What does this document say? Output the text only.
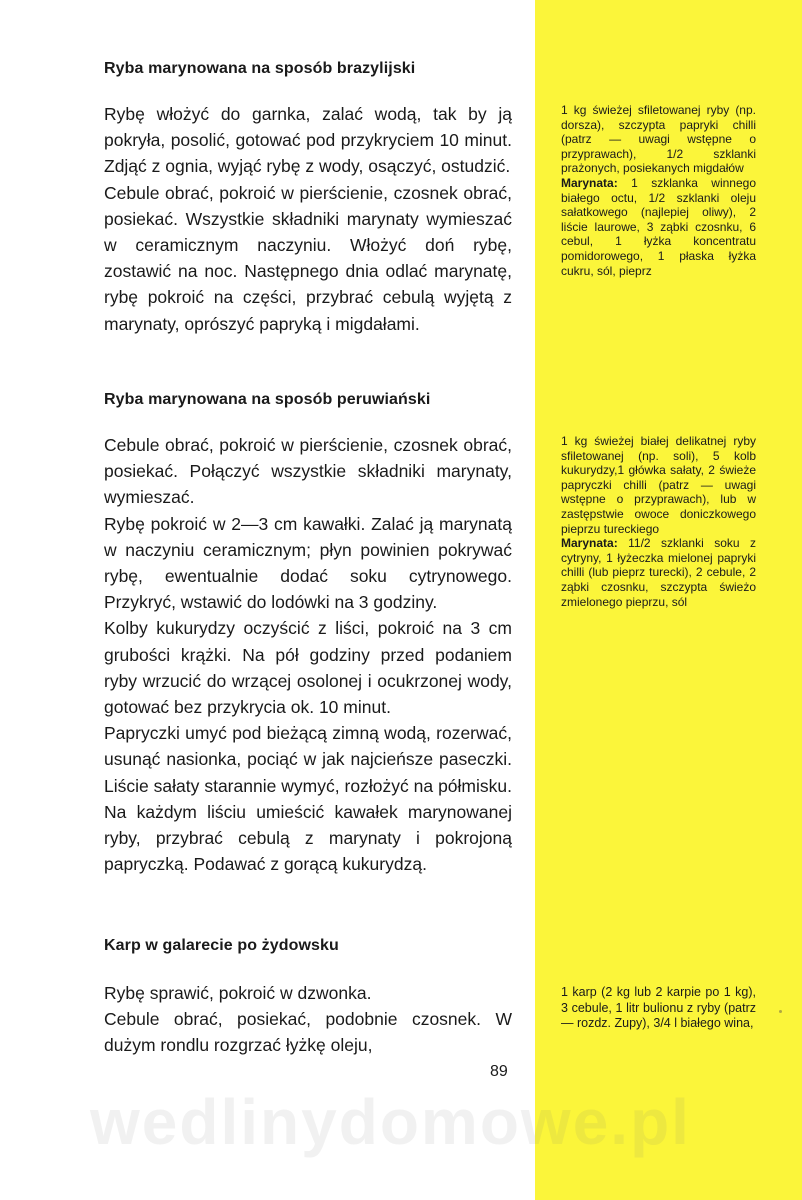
Ryba marynowana na sposób brazylijski

Rybę włożyć do garnka, zalać wodą, tak by ją pokryła, posolić, gotować pod przykryciem 10 minut. Zdjąć z ognia, wyjąć rybę z wody, osączyć, ostudzić.

Cebule obrać, pokroić w pierścienie, czosnek obrać, posiekać. Wszystkie składniki marynaty wymieszać w ceramicznym naczyniu. Włożyć doń rybę, zostawić na noc. Następnego dnia odlać marynatę, rybę pokroić na części, przybrać cebulą wyjętą z marynaty, oprószyć papryką i migdałami.

Ryba marynowana na sposób peruwiański

Cebule obrać, pokroić w pierścienie, czosnek obrać, posiekać. Połączyć wszystkie składniki marynaty, wymieszać.

Rybę pokroić w 2—3 cm kawałki. Zalać ją marynatą w naczyniu ceramicznym; płyn powinien pokrywać rybę, ewentualnie dodać soku cytrynowego. Przykryć, wstawić do lodówki na 3 godziny.

Kolby kukurydzy oczyścić z liści, pokroić na 3 cm grubości krążki. Na pół godziny przed podaniem ryby wrzucić do wrzącej osolonej i ocukrzonej wody, gotować bez przykrycia ok. 10 minut.

Papryczki umyć pod bieżącą zimną wodą, rozerwać, usunąć nasionka, pociąć w jak najcieńsze paseczki. Liście sałaty starannie wymyć, rozłożyć na półmisku. Na każdym liściu umieścić kawałek marynowanej ryby, przybrać cebulą z marynaty i pokrojoną papryczką. Podawać z gorącą kukurydzą.

Karp w galarecie po żydowsku

Rybę sprawić, pokroić w dzwonka.

Cebule obrać, posiekać, podobnie czosnek. W dużym rondlu rozgrzać łyżkę oleju,

89

1 kg świeżej sfiletowanej ryby (np. dorsza), szczypta papryki chilli (patrz — uwagi wstępne o przyprawach), 1/2 szklanki prażonych, posiekanych migdałów

Marynata: 1 szklanka winnego białego octu, 1/2 szklanki oleju sałatkowego (najlepiej oliwy), 2 liście laurowe, 3 ząbki czosnku, 6 cebul, 1 łyżka koncentratu pomidorowego, 1 płaska łyżka cukru, sól, pieprz

1 kg świeżej białej delikatnej ryby sfiletowanej (np. soli), 5 kolb kukurydzy,1 główka sałaty, 2 świeże papryczki chilli (patrz — uwagi wstępne o przyprawach), lub w zastępstwie owoce doniczkowego pieprzu tureckiego

Marynata: 11/2 szklanki soku z cytryny, 1 łyżeczka mielonej papryki chilli (lub pieprz turecki), 2 cebule, 2 ząbki czosnku, szczypta świeżo zmielonego pieprzu, sól

1 karp (2 kg lub 2 karpie po 1 kg), 3 cebule, 1 litr bulionu z ryby (patrz — rozdz. Zupy), 3/4 l białego wina,

wedlinydomowe.pl
